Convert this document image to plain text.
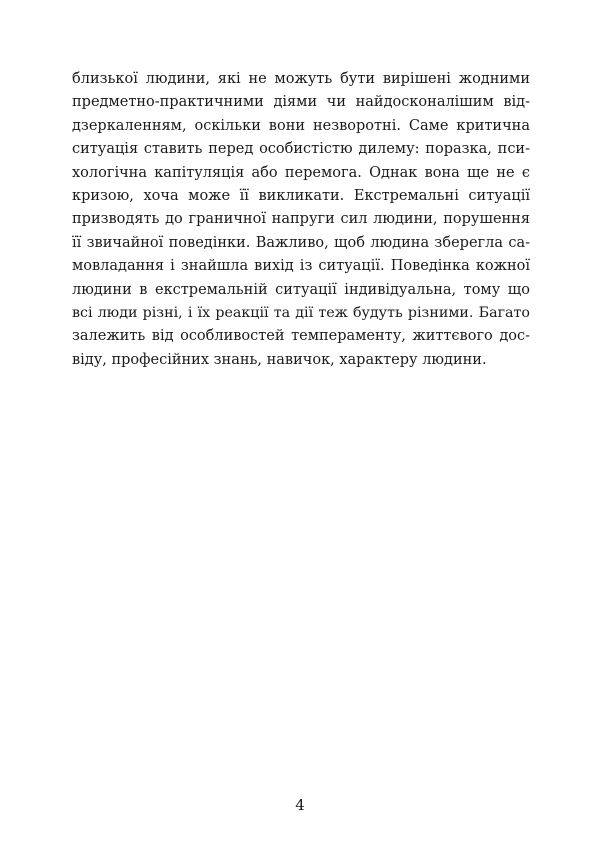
близької людини, які не можуть бути вирішені жодними
предметно-практичними діями чи найдосконалішим від-
дзеркаленням, оскільки вони незворотні. Саме критична
ситуація ставить перед особистістю дилему: поразка, пси-
хологічна капітуляція або перемога. Однак вона ще не є
кризою, хоча може її викликати. Екстремальні ситуації
призводять до граничної напруги сил людини, порушення
її звичайної поведінки. Важливо, щоб людина зберегла са-
мовладання і знайшла вихід із ситуації. Поведінка кожної
людини в екстремальній ситуації індивідуальна, тому що
всі люди різні, і їх реакції та дії теж будуть різними. Багато
залежить від особливостей темпераменту, життєвого дос-
віду, професійних знань, навичок, характеру людини.
4
